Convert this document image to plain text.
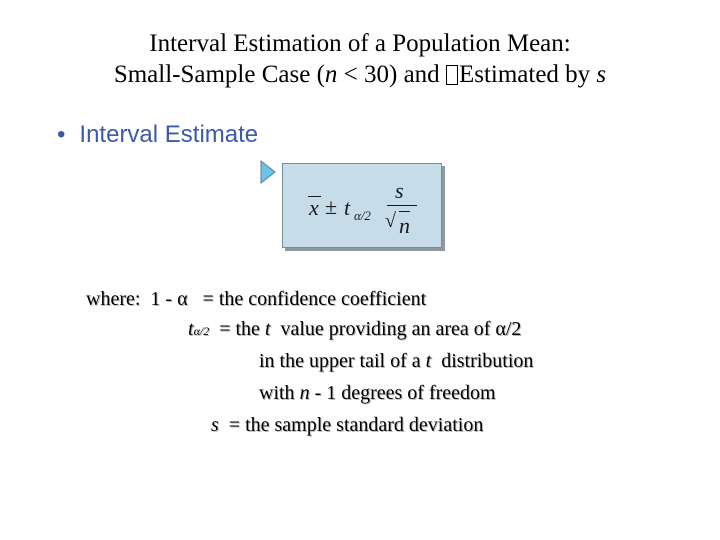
Interval Estimation of a Population Mean:
Small-Sample Case (n < 30) and Estimated by s
• Interval Estimate
x ± t α/2
s
√ n
where:  1 - α   = the confidence coefficient
tα/2  = the t  value providing an area of α/2
in the upper tail of a t  distribution
with n - 1 degrees of freedom
s  = the sample standard deviation
